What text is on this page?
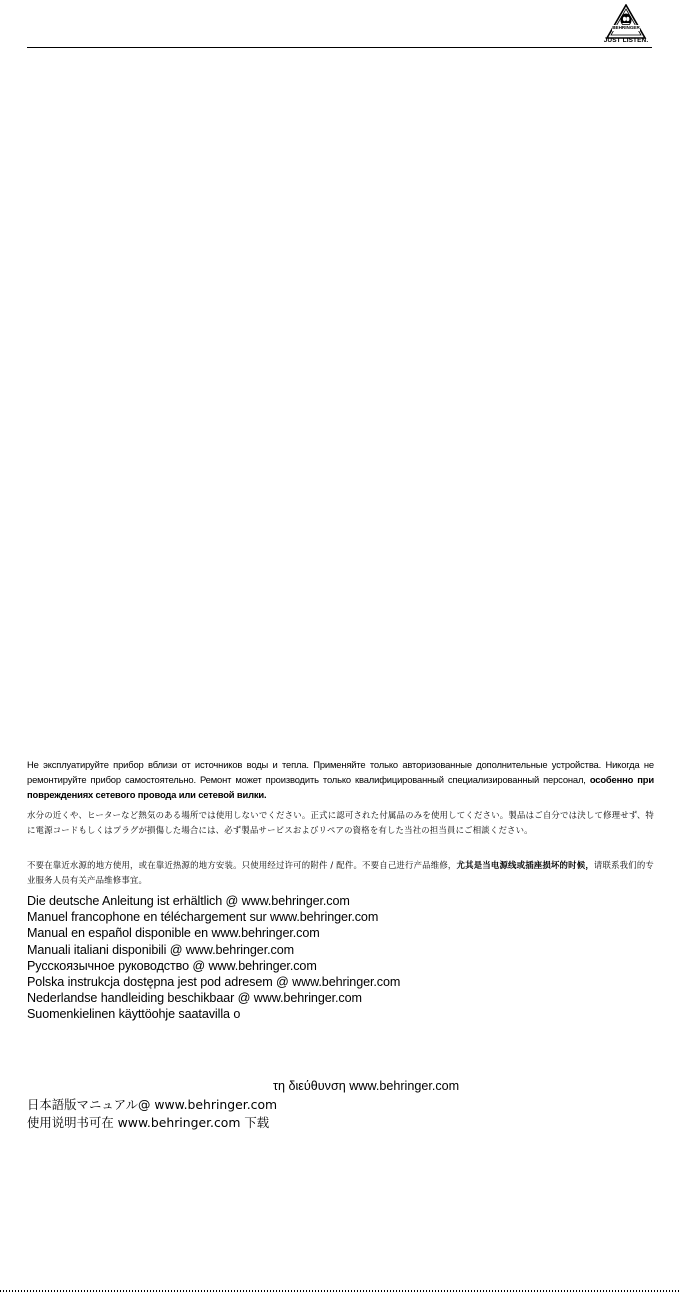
BEHRINGER
JUST LISTEN.
Не эксплуатируйте прибор вблизи от источников воды и тепла. Применяйте только авторизованные дополнительные устройства. Никогда не ремонтируйте прибор самостоятельно. Ремонт может производить только квалифицированный специализированный персонал, особенно при повреждениях сетевого провода или сетевой вилки.
水分の近くや、ヒーターなど熱気のある場所では使用しないでください。正式に認可された付属品のみを使用してください。製品はご自分では決して修理せず、特に電源コードもしくはプラグが損傷した場合には、必ず製品サービスおよびリペアの資格を有した当社の担当員にご相談ください。
不要在靠近水源的地方使用，或在靠近热源的地方安装。只使用经过许可的附件 / 配件。不要自己进行产品维修，尤其是当电源线或插座损坏的时候，请联系我们的专业服务人员有关产品维修事宜。
Die deutsche Anleitung ist erhältlich @ www.behringer.com
Manuel francophone en téléchargement sur www.behringer.com
Manual en español disponible en www.behringer.com
Manuali italiani disponibili @ www.behringer.com
Русскоязычное руководство @ www.behringer.com
Polska instrukcja dostępna jest pod adresem @ www.behringer.com
Nederlandse handleiding beschikbaar @ www.behringer.com
Suomenkielinen käyttöohje saatavilla o
τη διεύθυνση www.behringer.com
日本語版マニュアル@ www.behringer.com
使用说明书可在 www.behringer.com 下载
